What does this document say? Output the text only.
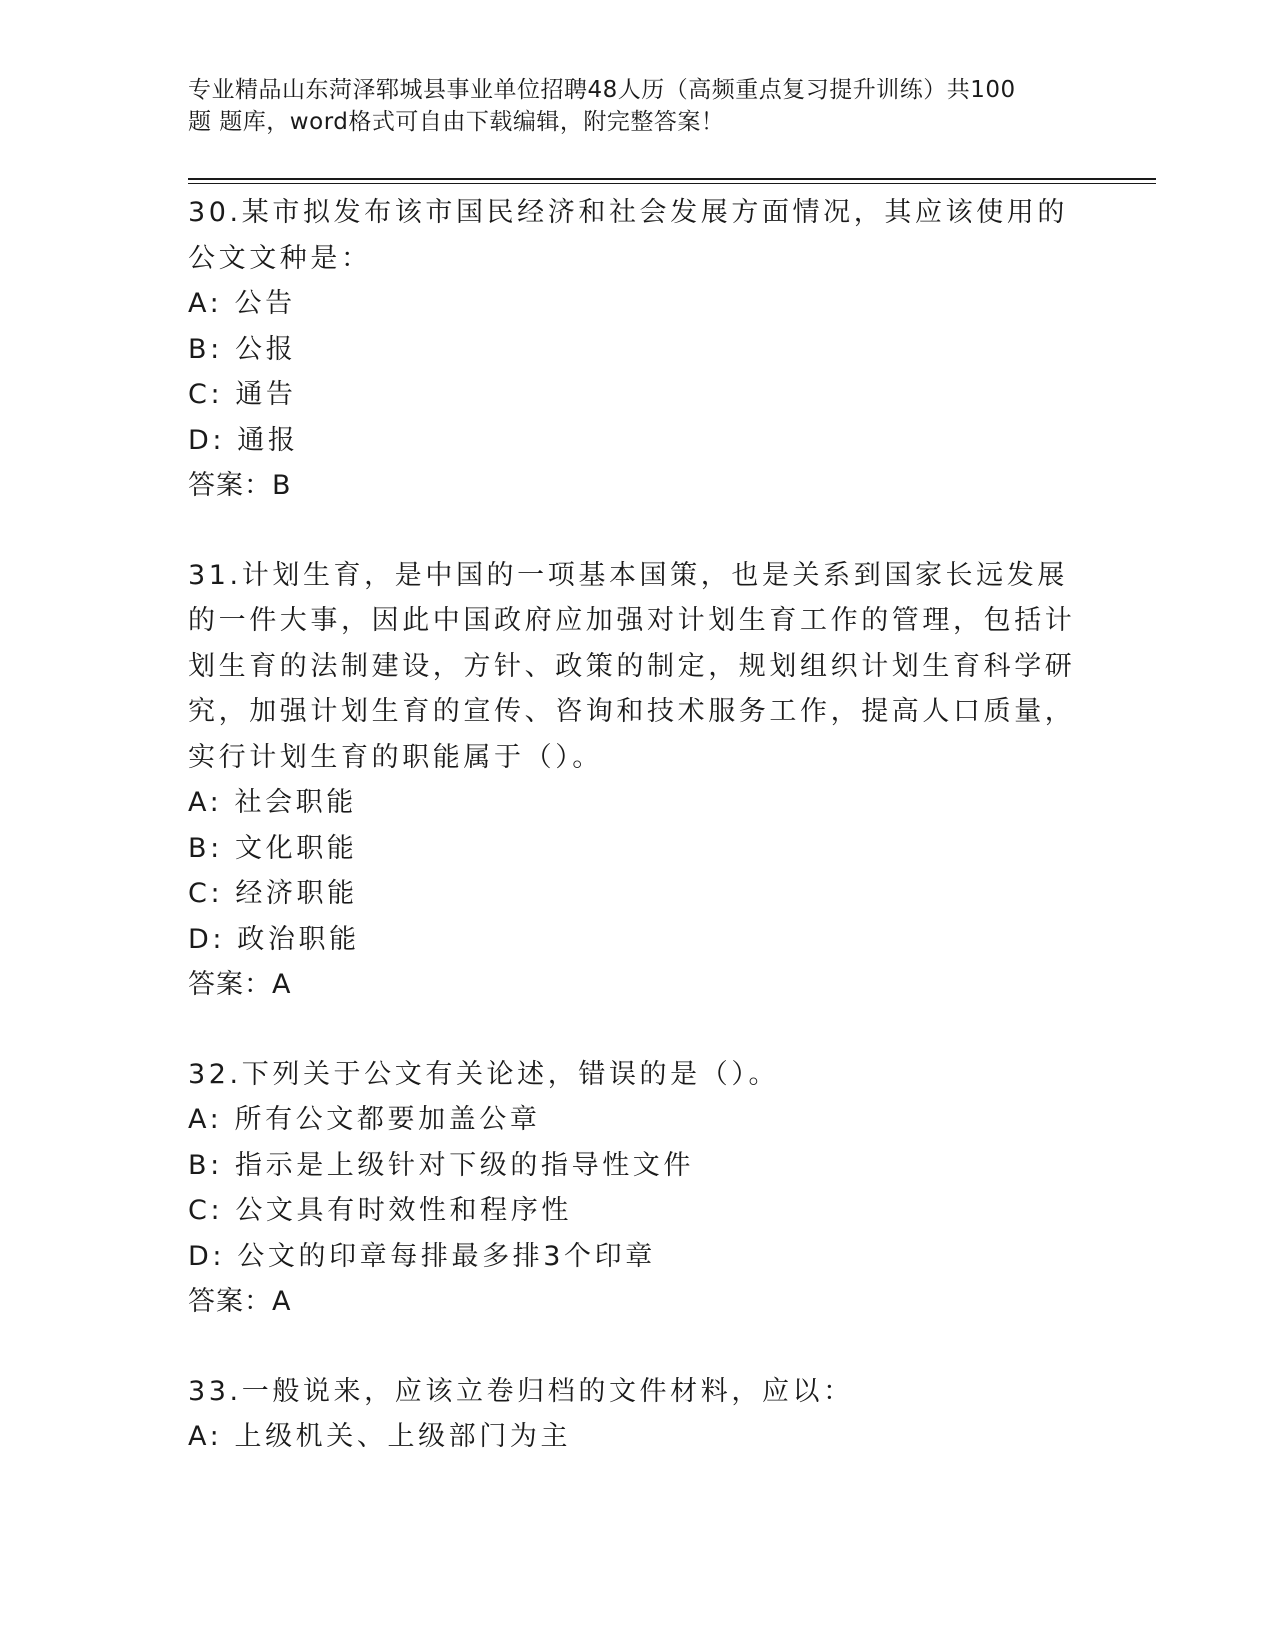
专业精品山东菏泽郓城县事业单位招聘48人历（高频重点复习提升训练）共100
题 题库，word格式可自由下载编辑，附完整答案！

30.某市拟发布该市国民经济和社会发展方面情况，其应该使用的公文文种是：

A: 公告

B: 公报

C: 通告

D: 通报

答案：B

31.计划生育，是中国的一项基本国策，也是关系到国家长远发展的一件大事，因此中国政府应加强对计划生育工作的管理，包括计划生育的法制建设，方针、政策的制定，规划组织计划生育科学研究，加强计划生育的宣传、咨询和技术服务工作，提高人口质量，实行计划生育的职能属于（）。

A: 社会职能

B: 文化职能

C: 经济职能

D: 政治职能

答案：A

32.下列关于公文有关论述，错误的是（）。

A: 所有公文都要加盖公章

B: 指示是上级针对下级的指导性文件

C: 公文具有时效性和程序性

D: 公文的印章每排最多排3个印章

答案：A

33.一般说来，应该立卷归档的文件材料，应以：

A: 上级机关、上级部门为主
